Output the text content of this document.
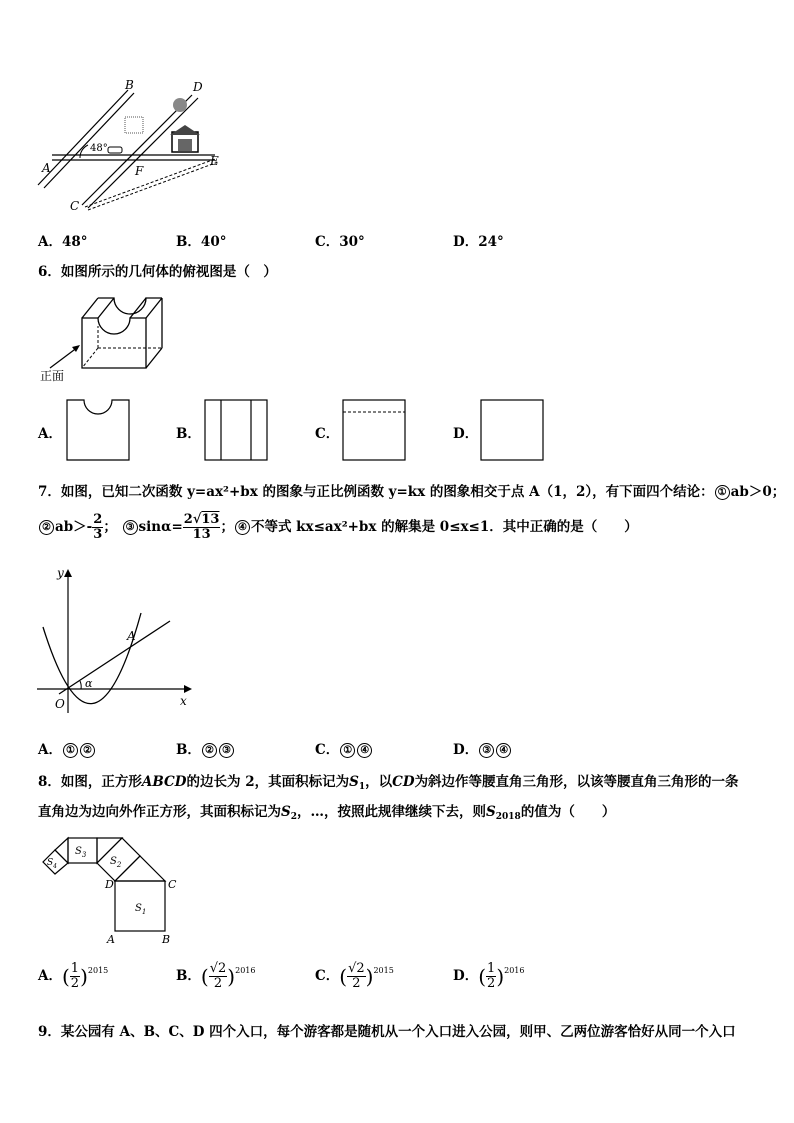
48°
B	D
A	F
E
C
A．48°	B．40°	C．30°	D．24°
6．如图所示的几何体的俯视图是（　）
正面
A．	B．	C．	D．
7．如图，已知二次函数 y=ax²+bx 的图象与正比例函数 y=kx 的图象相交于点 A（1，2），有下面四个结论： ① ab＞0；
② $ab>- \frac{2}{3}$ ； ③ $\sin\alpha= \frac{2√13}{13}$ ； ④ 不等式 kx≤ax²+bx 的解集是 0≤x≤1．其中正确的是（　　）
α
y
x
O
A
A． ① ②	B． ② ③	C． ① ④	D． ③ ④
8．如图，正方形ABCD的边长为 2，其面积标记为$S_1$，以CD为斜边作等腰直角三角形，以该等腰直角三角形的一条
直角边为边向外作正方形，其面积标记为$S_2$，…，按照此规律继续下去，则$S_{2018}$的值为（　　）
$S_1$
$S_2$
$S_3$
$S_4$
D	C
A	B
A．( $\frac{1}{2} )^{2015}$	B．( $\frac{√2}{2} )^{2016}$	C．( $\frac{√2}{2} )^{2015}$	D．( $\frac{1}{2} )^{2016}$
9．某公园有 A、B、C、D 四个入口，每个游客都是随机从一个入口进入公园，则甲、乙两位游客恰好从同一个入口
